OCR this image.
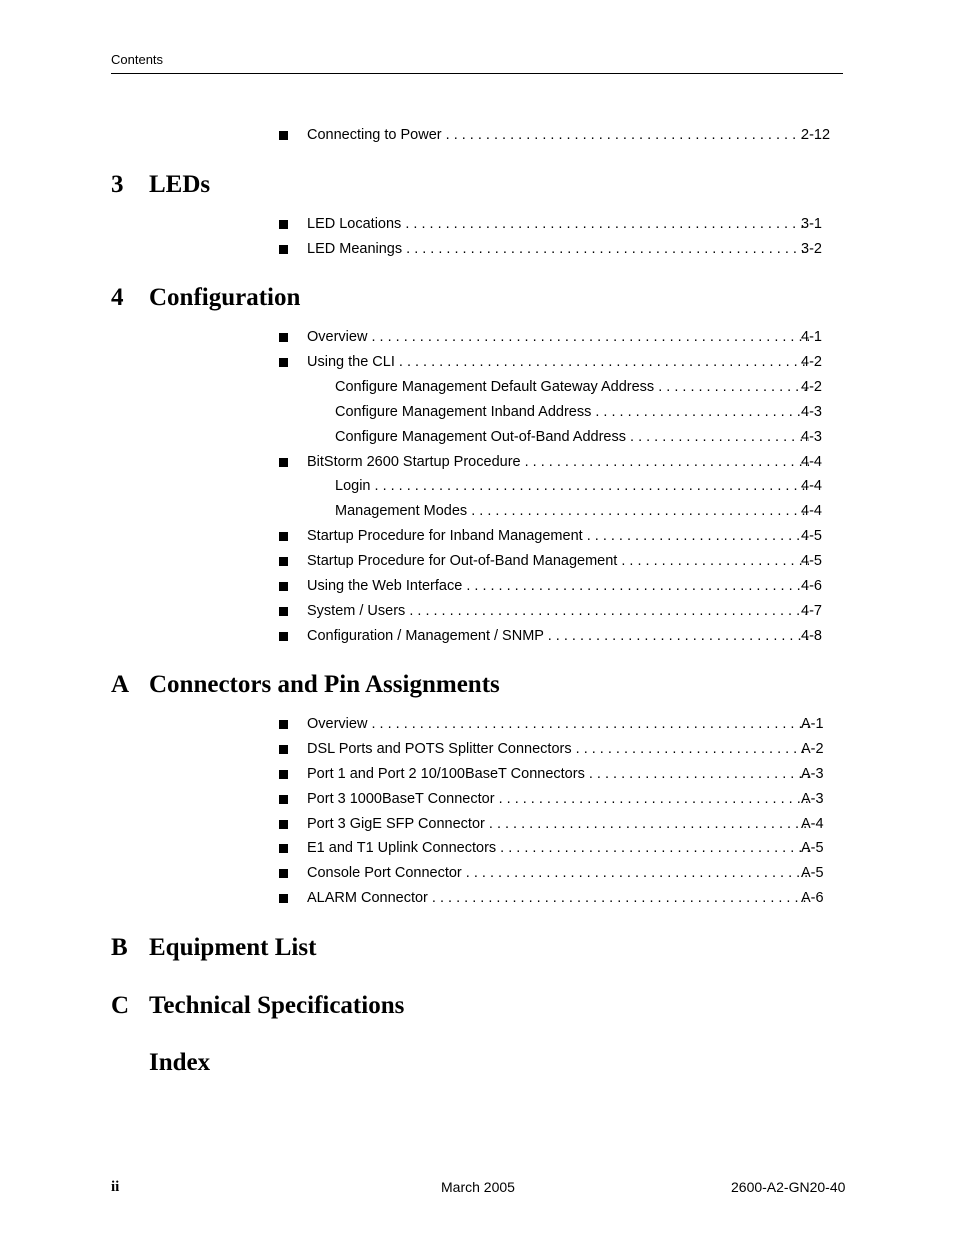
Contents
Connecting to Power . . .	2-12
3 LEDs
LED Locations . . .	3-1
LED Meanings . . .	3-2
4 Configuration
Overview . . .	4-1
Using the CLI . . .	4-2
Configure Management Default Gateway Address . . .	4-2
Configure Management Inband Address . . .	4-3
Configure Management Out-of-Band Address . . .	4-3
BitStorm 2600 Startup Procedure . . .	4-4
Login . . .	4-4
Management Modes . . .	4-4
Startup Procedure for Inband Management . . .	4-5
Startup Procedure for Out-of-Band Management . . .	4-5
Using the Web Interface . . .	4-6
System / Users . . .	4-7
Configuration / Management / SNMP . . .	4-8
A Connectors and Pin Assignments
Overview . . .	A-1
DSL Ports and POTS Splitter Connectors . . .	A-2
Port 1 and Port 2 10/100BaseT Connectors . . .	A-3
Port 3 1000BaseT Connector . . .	A-3
Port 3 GigE SFP Connector . . .	A-4
E1 and T1 Uplink Connectors . . .	A-5
Console Port Connector . . .	A-5
ALARM Connector . . .	A-6
B Equipment List
C Technical Specifications
Index
ii	March 2005	2600-A2-GN20-40
